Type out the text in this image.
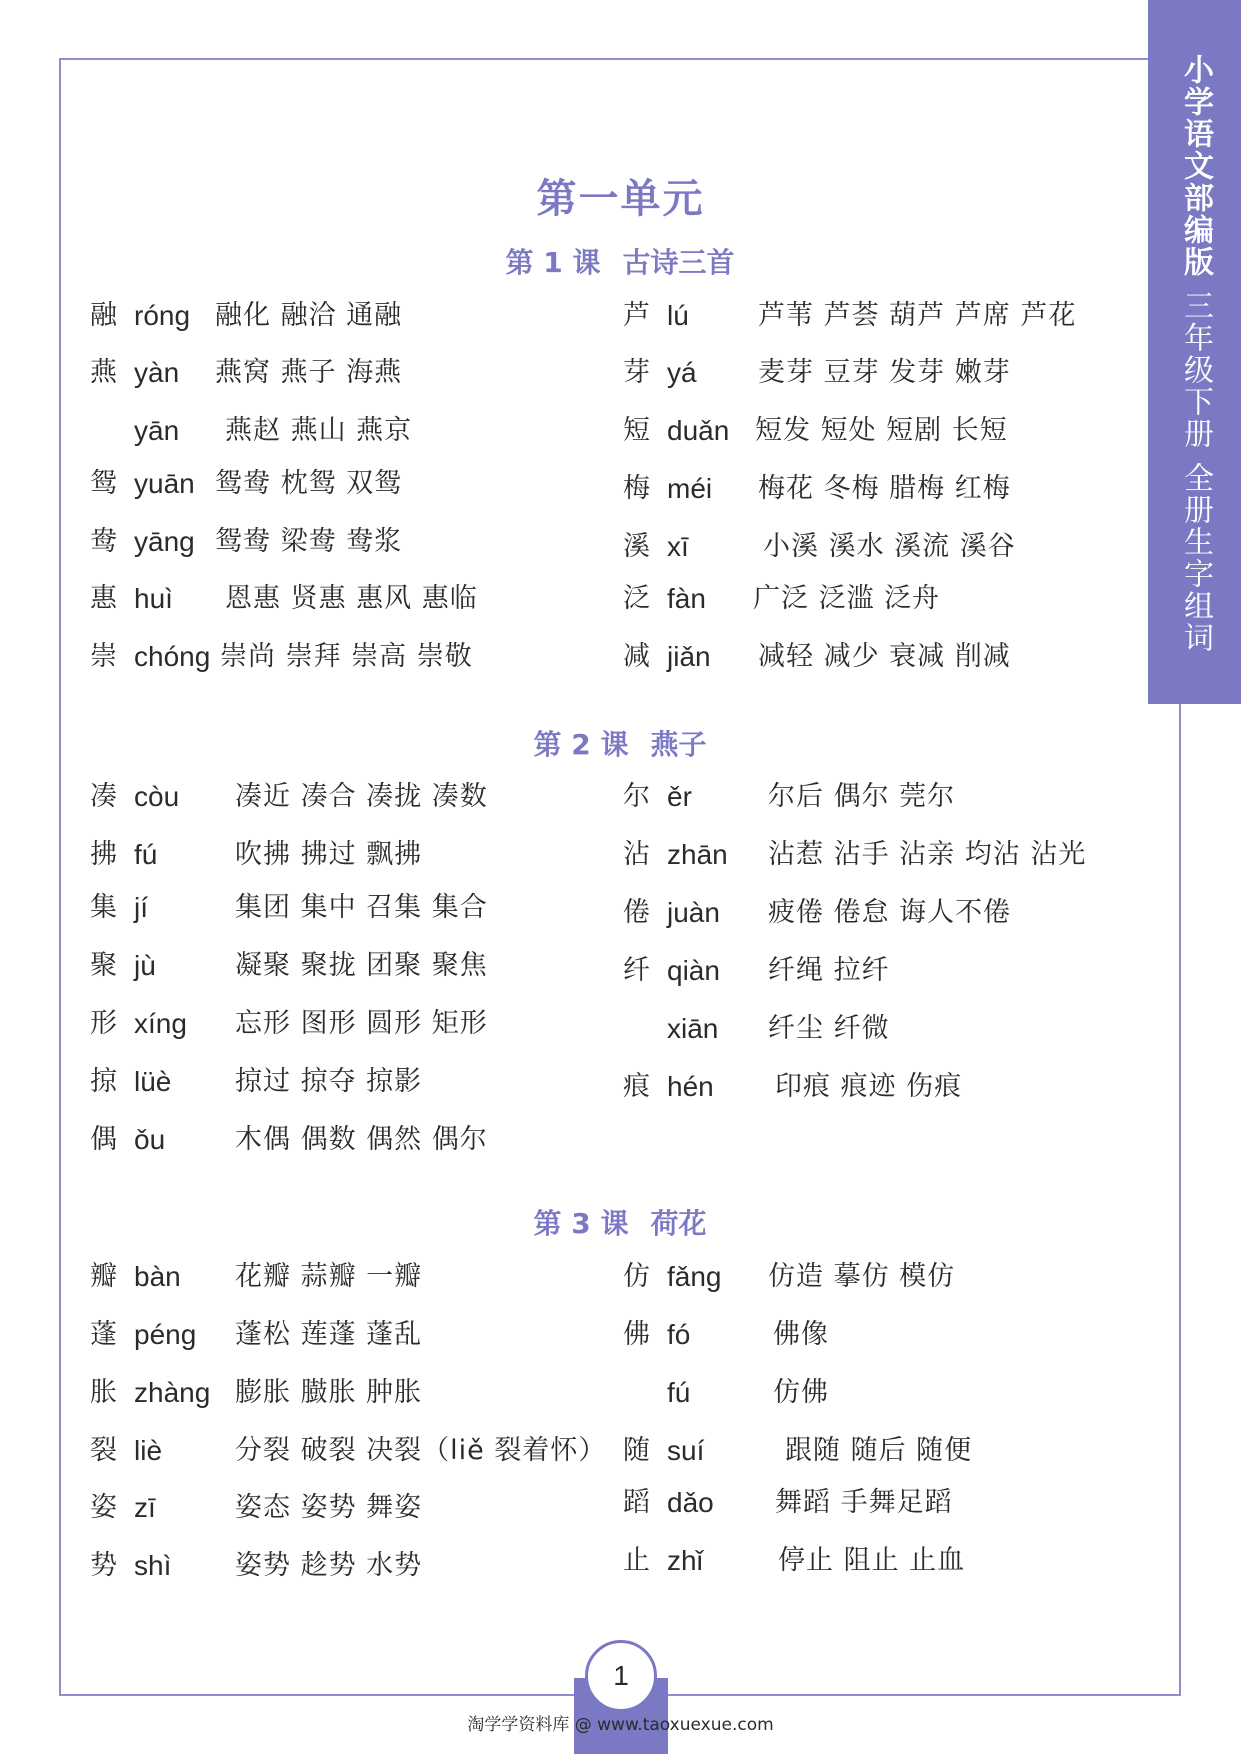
小学语文部编版
三年级下册
全册生字组词
第一单元
第 1 课 古诗三首
融 róng 融化 融洽 通融
燕 yàn 燕窝 燕子 海燕
yān 燕赵 燕山 燕京
鸳 yuān 鸳鸯 枕鸳 双鸳
鸯 yāng 鸳鸯 梁鸯 鸯浆
惠 huì 恩惠 贤惠 惠风 惠临
崇 chóng 崇尚 崇拜 崇高 崇敬
芦 lú	芦苇 芦荟 葫芦 芦席 芦花
芽 yá 麦芽 豆芽 发芽 嫩芽
短 duǎn 短发 短处 短剧 长短
梅 méi 梅花 冬梅 腊梅 红梅
溪 xī	小溪 溪水 溪流 溪谷
泛 fàn 广泛 泛滥 泛舟
减 jiǎn 减轻 减少 衰减 削减
第 2 课 燕子
凑 còu 凑近 凑合 凑拢 凑数
拂 fú	吹拂 拂过 飘拂
集 jí	集团 集中 召集 集合
聚 jù	凝聚 聚拢 团聚 聚焦
形 xíng 忘形 图形 圆形 矩形
掠 lüè 掠过 掠夺 掠影
偶 ǒu	木偶 偶数 偶然 偶尔
尔 ěr	尔后 偶尔 莞尔
沾 zhān 沾惹 沾手 沾亲 均沾 沾光
倦 juàn 疲倦 倦怠 诲人不倦
纤 qiàn 纤绳 拉纤
xiān 纤尘 纤微
痕 hén 印痕 痕迹 伤痕
第 3 课 荷花
瓣 bàn 花瓣 蒜瓣 一瓣
蓬 péng 蓬松 莲蓬 蓬乱
胀 zhàng 膨胀 臌胀 肿胀
裂 liè	分裂 破裂 决裂（liě 裂着怀）
姿 zī	姿态 姿势 舞姿
势 shì 姿势 趁势 水势
仿 fǎng 仿造 摹仿 模仿
佛 fó	佛像
fú	仿佛
随 suí	跟随 随后 随便
蹈 dǎo 舞蹈 手舞足蹈
止 zhǐ	停止 阻止 止血
1
淘学学资料库 @ www.taoxuexue.com
